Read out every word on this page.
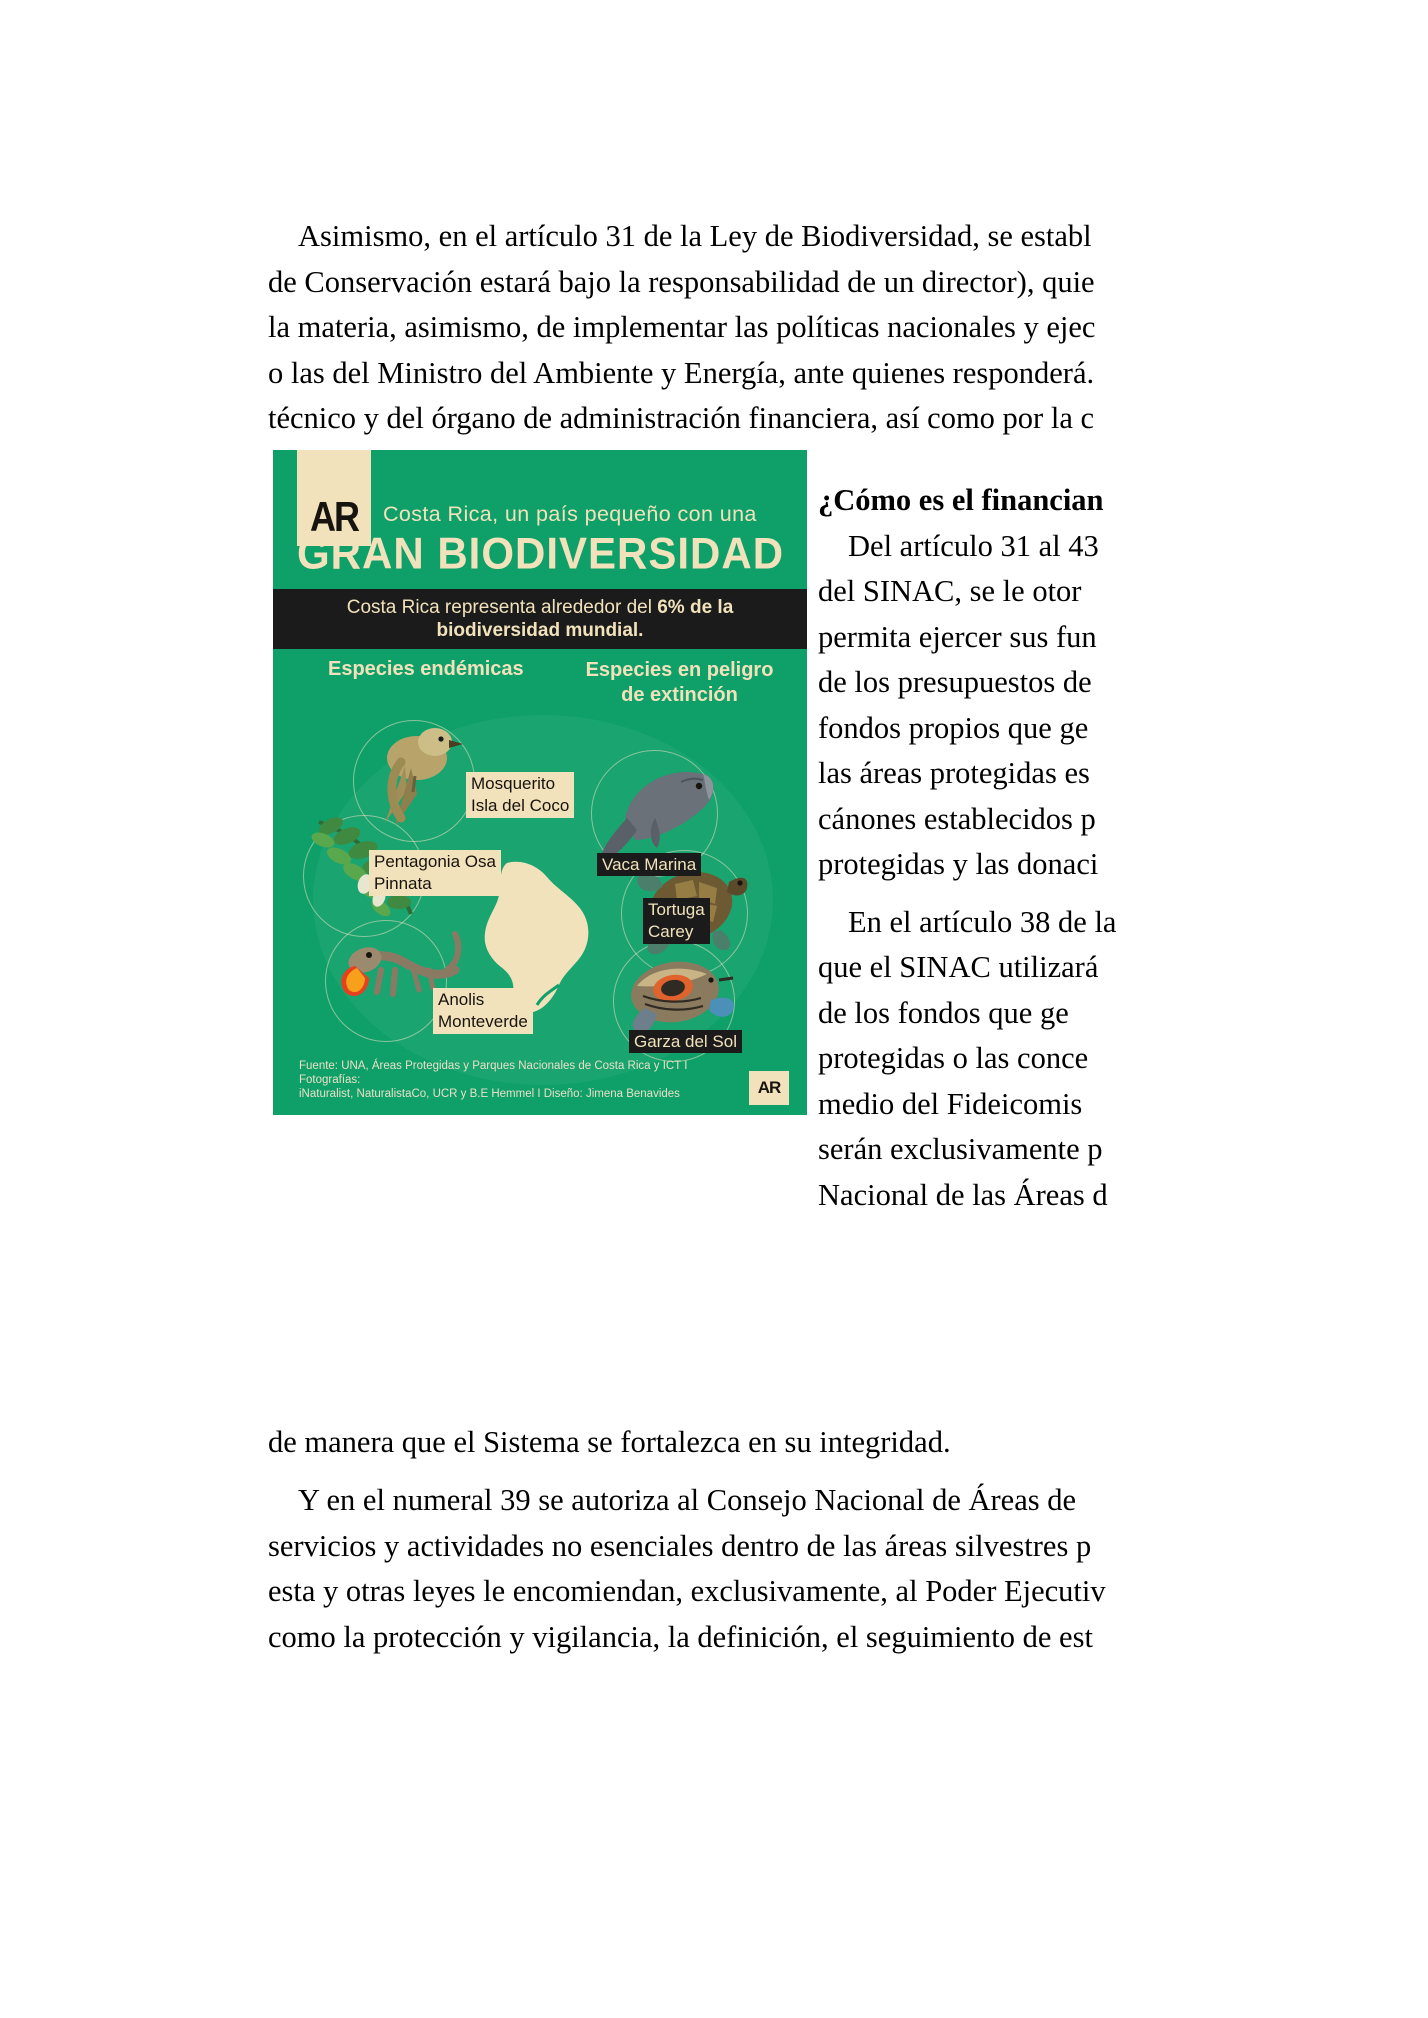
Asimismo, en el artículo 31 de la Ley de Biodiversidad, se establ
de Conservación estará bajo la responsabilidad de un director), quie
la materia, asimismo, de implementar las políticas nacionales y ejec
o las del Ministro del Ambiente y Energía, ante quienes responderá.
técnico y del órgano de administración financiera, así como por la c
AR Costa Rica, un país pequeño con una
GRAN BIODIVERSIDAD
Costa Rica representa alrededor del 6% de la
biodiversidad mundial.
Especies endémicas	Especies en peligro
de extinción
Mosquerito
Isla del Coco
Vaca Marina
Pentagonia Osa
Pinnata
Tortuga
Carey
Anolis
Monteverde
Garza del Sol
Fuente: UNA, Áreas Protegidas y Parques Nacionales de Costa Rica y ICT I Fotografías:
iNaturalist, NaturalistaCo, UCR y B.E Hemmel I Diseño: Jimena Benavides	AR
¿Cómo es el financian
Del artículo 31 al 43
del SINAC, se le otor
permita ejercer sus fun
de los presupuestos de
fondos propios que ge
las áreas protegidas es
cánones establecidos p
protegidas y las donaci
En el artículo 38 de la
que el SINAC utilizará
de los fondos que ge
protegidas o las conce
medio del Fideicomis
serán exclusivamente p
Nacional de las Áreas d
de manera que el Sistema se fortalezca en su integridad.
Y en el numeral 39 se autoriza al Consejo Nacional de Áreas de
servicios y actividades no esenciales dentro de las áreas silvestres p
esta y otras leyes le encomiendan, exclusivamente, al Poder Ejecutiv
como la protección y vigilancia, la definición, el seguimiento de est
